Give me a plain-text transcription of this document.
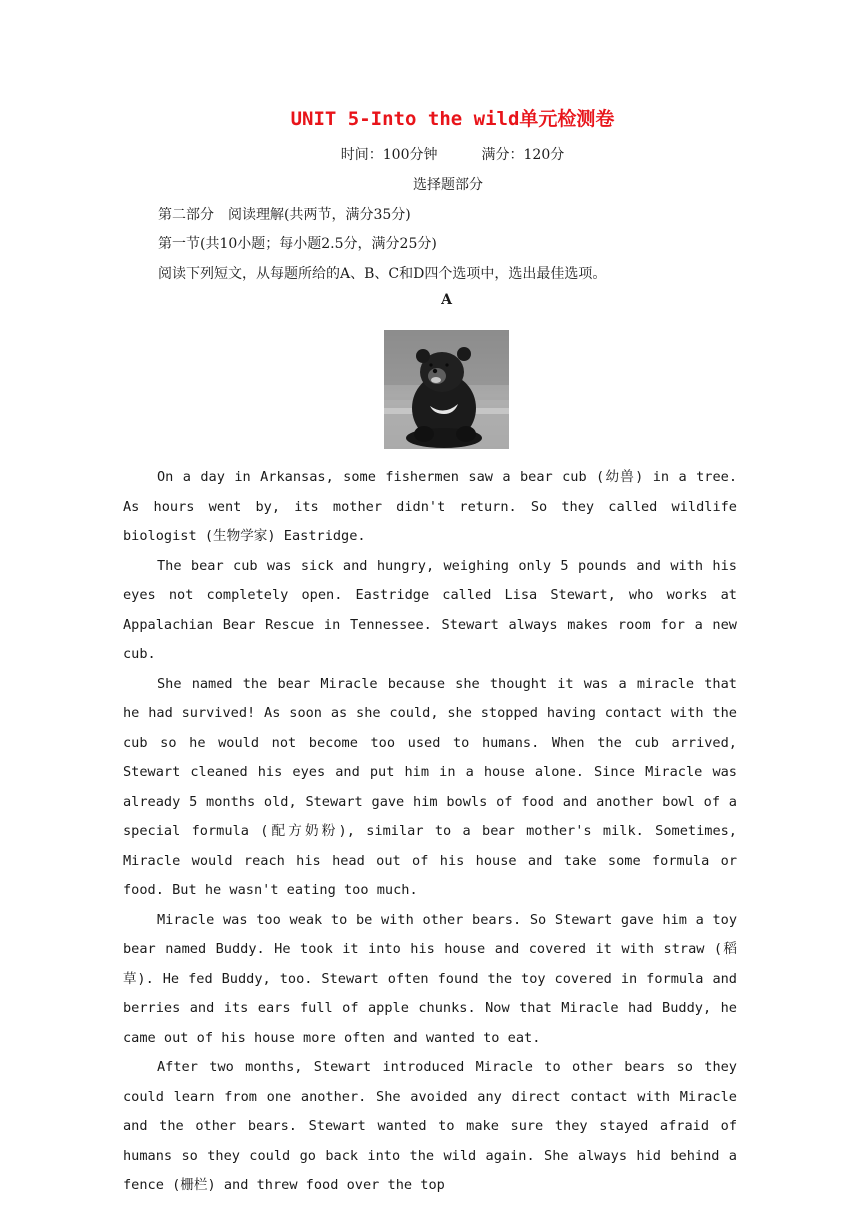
UNIT 5-Into the wild单元检测卷
时间：100分钟	满分：120分
选择题部分
第二部分　阅读理解(共两节，满分35分)
第一节(共10小题；每小题2.5分，满分25分)
阅读下列短文，从每题所给的A、B、C和D四个选项中，选出最佳选项。
A

On a day in Arkansas, some fishermen saw a bear cub (幼兽) in a tree. As hours went by, its mother didn't return. So they called wildlife biologist (生物学家) Eastridge.

The bear cub was sick and hungry, weighing only 5 pounds and with his eyes not completely open. Eastridge called Lisa Stewart, who works at Appalachian Bear Rescue in Tennessee. Stewart always makes room for a new cub.

She named the bear Miracle because she thought it was a miracle that he had survived! As soon as she could, she stopped having contact with the cub so he would not become too used to humans. When the cub arrived, Stewart cleaned his eyes and put him in a house alone. Since Miracle was already 5 months old, Stewart gave him bowls of food and another bowl of a special formula (配方奶粉), similar to a bear mother's milk. Sometimes, Miracle would reach his head out of his house and take some formula or food. But he wasn't eating too much.

Miracle was too weak to be with other bears. So Stewart gave him a toy bear named Buddy. He took it into his house and covered it with straw (稻草). He fed Buddy, too. Stewart often found the toy covered in formula and berries and its ears full of apple chunks. Now that Miracle had Buddy, he came out of his house more often and wanted to eat.

After two months, Stewart introduced Miracle to other bears so they could learn from one another. She avoided any direct contact with Miracle and the other bears. Stewart wanted to make sure they stayed afraid of humans so they could go back into the wild again. She always hid behind a fence (栅栏) and threw food over the top
